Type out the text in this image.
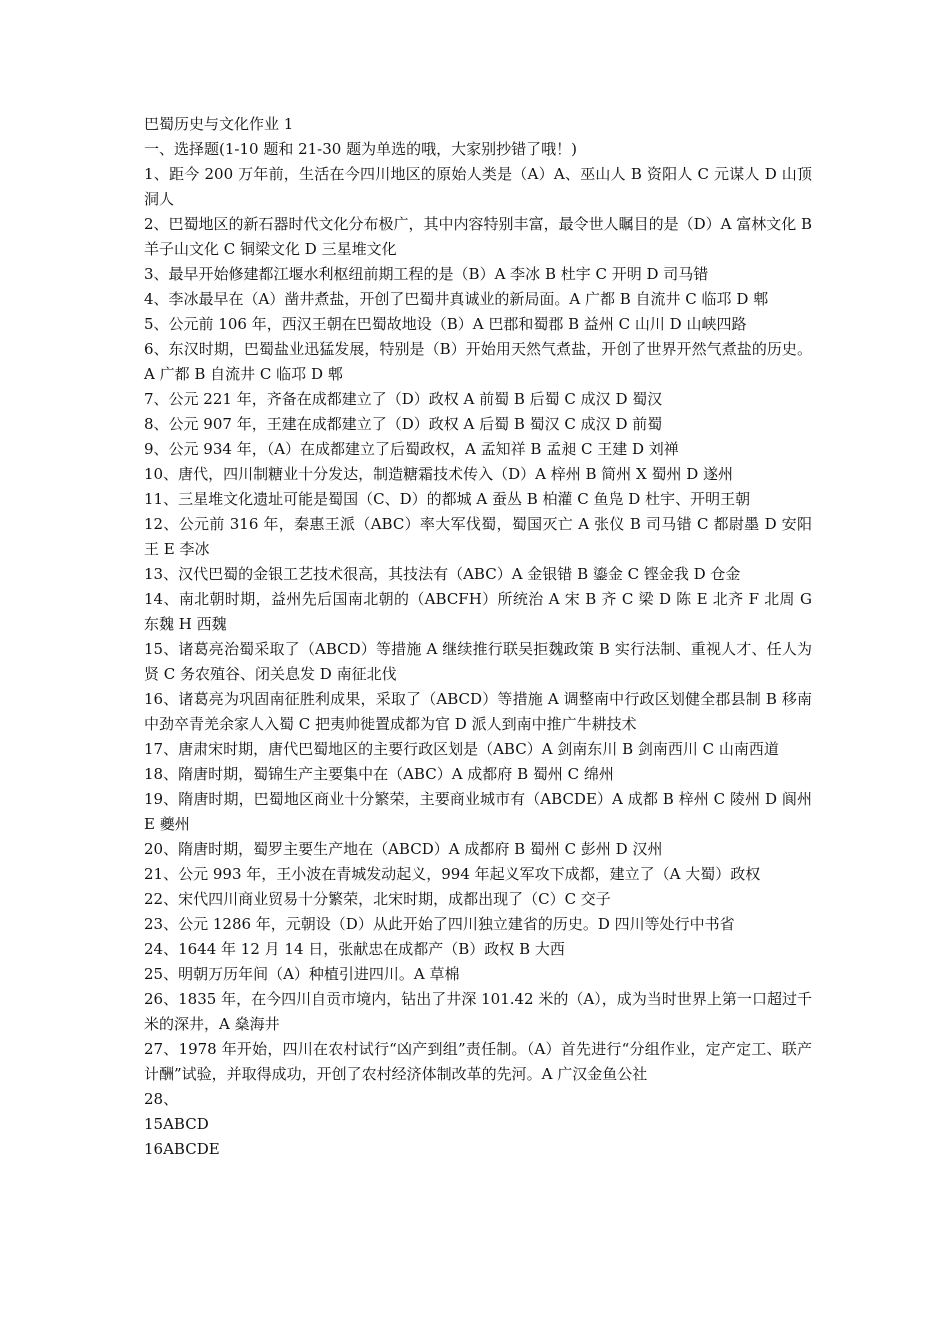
巴蜀历史与文化作业 1

一、选择题(1-10 题和 21-30 题为单选的哦，大家别抄错了哦！)

1、距今 200 万年前，生活在今四川地区的原始人类是（A）A、巫山人 B 资阳人 C 元谋人 D 山顶洞人

2、巴蜀地区的新石器时代文化分布极广，其中内容特别丰富，最令世人瞩目的是（D）A 富林文化 B 羊子山文化 C 铜梁文化 D 三星堆文化

3、最早开始修建都江堰水利枢纽前期工程的是（B）A 李冰 B 杜宇 C 开明 D 司马错

4、李冰最早在（A）凿井煮盐，开创了巴蜀井真诚业的新局面。A 广都 B 自流井 C 临邛 D 郫

5、公元前 106 年，西汉王朝在巴蜀故地设（B）A 巴郡和蜀郡 B 益州 C 山川 D 山峡四路

6、东汉时期，巴蜀盐业迅猛发展，特别是（B）开始用天然气煮盐，开创了世界开然气煮盐的历史。A 广都 B 自流井 C 临邛 D 郫

7、公元 221 年，齐备在成都建立了（D）政权 A 前蜀 B 后蜀 C 成汉 D 蜀汉

8、公元 907 年，王建在成都建立了（D）政权 A 后蜀 B 蜀汉 C 成汉 D 前蜀

9、公元 934 年，（A）在成都建立了后蜀政权，A 孟知祥 B 孟昶 C 王建 D 刘禅

10、唐代，四川制糖业十分发达，制造糖霜技术传入（D）A 梓州 B 简州 X 蜀州 D 遂州

11、三星堆文化遗址可能是蜀国（C、D）的都城 A 蚕丛 B 柏灌 C 鱼凫 D 杜宇、开明王朝

12、公元前 316 年，秦惠王派（ABC）率大军伐蜀，蜀国灭亡 A 张仪 B 司马错 C 都尉墨 D 安阳王 E 李冰

13、汉代巴蜀的金银工艺技术很高，其技法有（ABC）A 金银错 B 鎏金 C 铿金我 D 仓金

14、南北朝时期，益州先后国南北朝的（ABCFH）所统治 A 宋 B 齐 C 梁 D 陈 E 北齐 F 北周 G 东魏 H 西魏

15、诸葛亮治蜀采取了（ABCD）等措施 A 继续推行联吴拒魏政策 B 实行法制、重视人才、任人为贤 C 务农殖谷、闭关息发 D 南征北伐

16、诸葛亮为巩固南征胜利成果，采取了（ABCD）等措施 A 调整南中行政区划健全郡县制 B 移南中劲卒青羌余家人入蜀 C 把夷帅徙置成都为官 D 派人到南中推广牛耕技术

17、唐肃宋时期，唐代巴蜀地区的主要行政区划是（ABC）A 剑南东川 B 剑南西川 C 山南西道

18、隋唐时期，蜀锦生产主要集中在（ABC）A 成都府 B 蜀州 C 绵州

19、隋唐时期，巴蜀地区商业十分繁荣，主要商业城市有（ABCDE）A 成都 B 梓州 C 陵州 D 阆州 E 夔州

20、隋唐时期，蜀罗主要生产地在（ABCD）A 成都府 B 蜀州 C 彭州 D 汉州

21、公元 993 年，王小波在青城发动起义，994 年起义军攻下成都，建立了（A 大蜀）政权

22、宋代四川商业贸易十分繁荣，北宋时期，成都出现了（C）C 交子

23、公元 1286 年，元朝设（D）从此开始了四川独立建省的历史。D 四川等处行中书省

24、1644 年 12 月 14 日，张献忠在成都产（B）政权 B 大西

25、明朝万历年间（A）种植引进四川。A 草棉

26、1835 年，在今四川自贡市境内，钻出了井深 101.42 米的（A），成为当时世界上第一口超过千米的深井，A 燊海井

27、1978 年开始，四川在农村试行“凶产到组”责任制。（A）首先进行“分组作业，定产定工、联产计酬”试验，并取得成功，开创了农村经济体制改革的先河。A 广汉金鱼公社

28、

15ABCD

16ABCDE
